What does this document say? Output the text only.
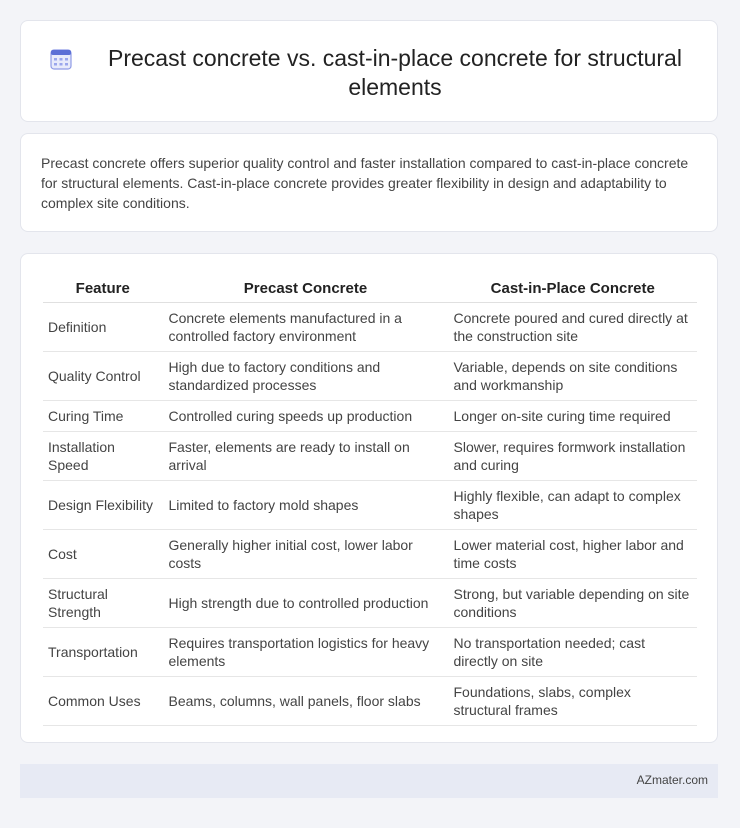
Precast concrete vs. cast-in-place concrete for structural elements

Precast concrete offers superior quality control and faster installation compared to cast-in-place concrete for structural elements. Cast-in-place concrete provides greater flexibility in design and adaptability to complex site conditions.

Feature	Precast Concrete	Cast-in-Place Concrete
Definition	Concrete elements manufactured in a controlled factory environment	Concrete poured and cured directly at the construction site
Quality Control	High due to factory conditions and standardized processes	Variable, depends on site conditions and workmanship
Curing Time	Controlled curing speeds up production	Longer on-site curing time required
Installation Speed	Faster, elements are ready to install on arrival	Slower, requires formwork installation and curing
Design Flexibility	Limited to factory mold shapes	Highly flexible, can adapt to complex shapes
Cost	Generally higher initial cost, lower labor costs	Lower material cost, higher labor and time costs
Structural Strength	High strength due to controlled production	Strong, but variable depending on site conditions
Transportation	Requires transportation logistics for heavy elements	No transportation needed; cast directly on site
Common Uses	Beams, columns, wall panels, floor slabs	Foundations, slabs, complex structural frames
AZmater.com
